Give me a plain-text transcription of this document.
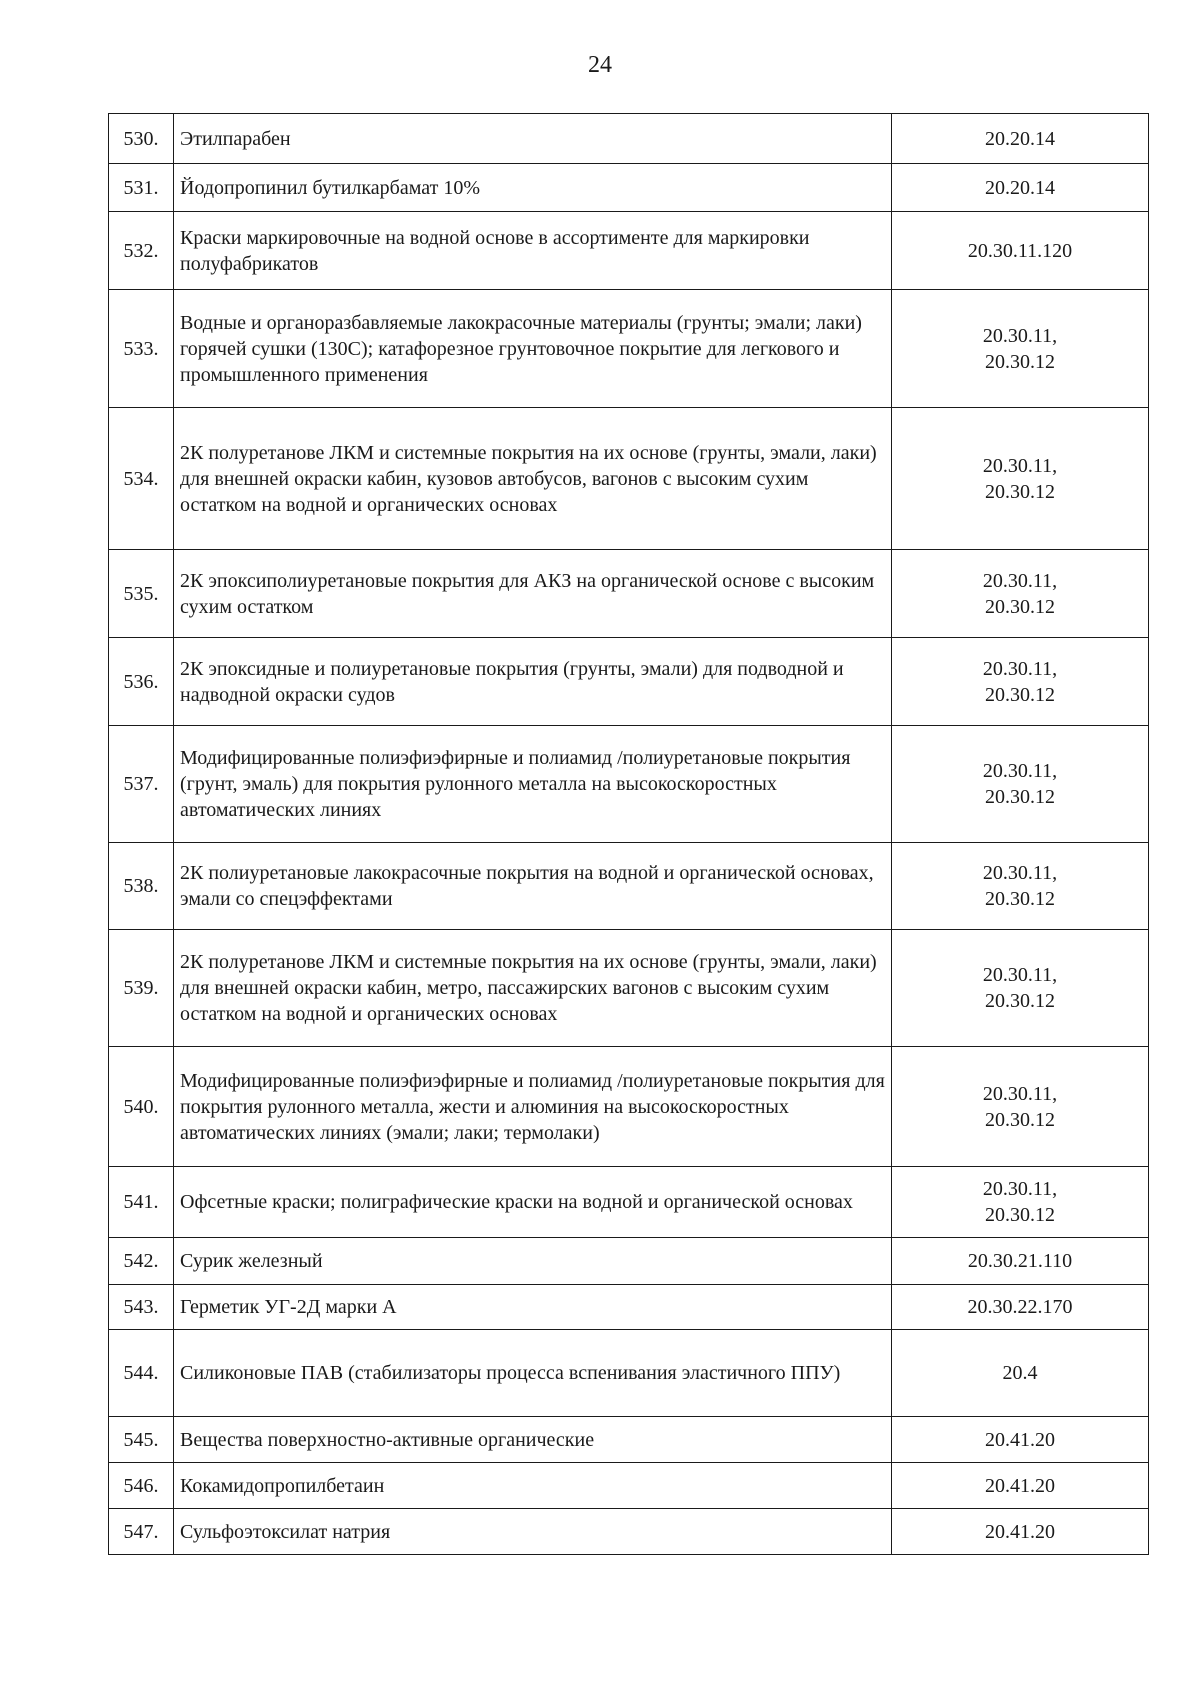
24
530.	Этилпарабен	20.20.14

531.	Йодопропинил бутилкарбамат 10%	20.20.14

532.	Краски маркировочные на водной основе в ассортименте для маркировки полуфабрикатов	20.30.11.120

533.	Водные и органоразбавляемые лакокрасочные материалы (грунты; эмали; лаки) горячей сушки (130С); катафорезное грунтовочное покрытие для легкового и промышленного применения	20.30.11,
20.30.12

534.	2К полуретанове ЛКМ и системные покрытия на их основе (грунты, эмали, лаки) для внешней окраски кабин, кузовов автобусов, вагонов с высоким сухим остатком на водной и органических основах	20.30.11,
20.30.12

535.	2К эпоксиполиуретановые покрытия для АКЗ на органической основе с высоким сухим остатком	20.30.11,
20.30.12

536.	2К эпоксидные и полиуретановые покрытия (грунты, эмали) для подводной и надводной окраски судов	20.30.11,
20.30.12

537.	Модифицированные полиэфиэфирные и полиамид /полиуретановые покрытия (грунт, эмаль) для покрытия рулонного металла на высокоскоростных автоматических линиях	20.30.11,
20.30.12

538.	2К полиуретановые лакокрасочные покрытия на водной и органической основах, эмали со спецэффектами	20.30.11,
20.30.12

539.	2К полуретанове ЛКМ и системные покрытия на их основе (грунты, эмали, лаки) для внешней окраски кабин, метро, пассажирских вагонов с высоким сухим остатком на водной и органических основах	20.30.11,
20.30.12

540.	Модифицированные полиэфиэфирные и полиамид /полиуретановые покрытия для покрытия рулонного металла, жести и алюминия на высокоскоростных автоматических линиях (эмали; лаки; термолаки)	20.30.11,
20.30.12

541.	Офсетные краски; полиграфические краски на водной и органической основах	20.30.11,
20.30.12

542.	Сурик железный	20.30.21.110

543.	Герметик УГ-2Д марки А	20.30.22.170

544.	Силиконовые ПАВ (стабилизаторы процесса вспенивания эластичного ППУ)	20.4

545.	Вещества поверхностно-активные органические	20.41.20

546.	Кокамидопропилбетаин	20.41.20

547.	Сульфоэтоксилат натрия	20.41.20
